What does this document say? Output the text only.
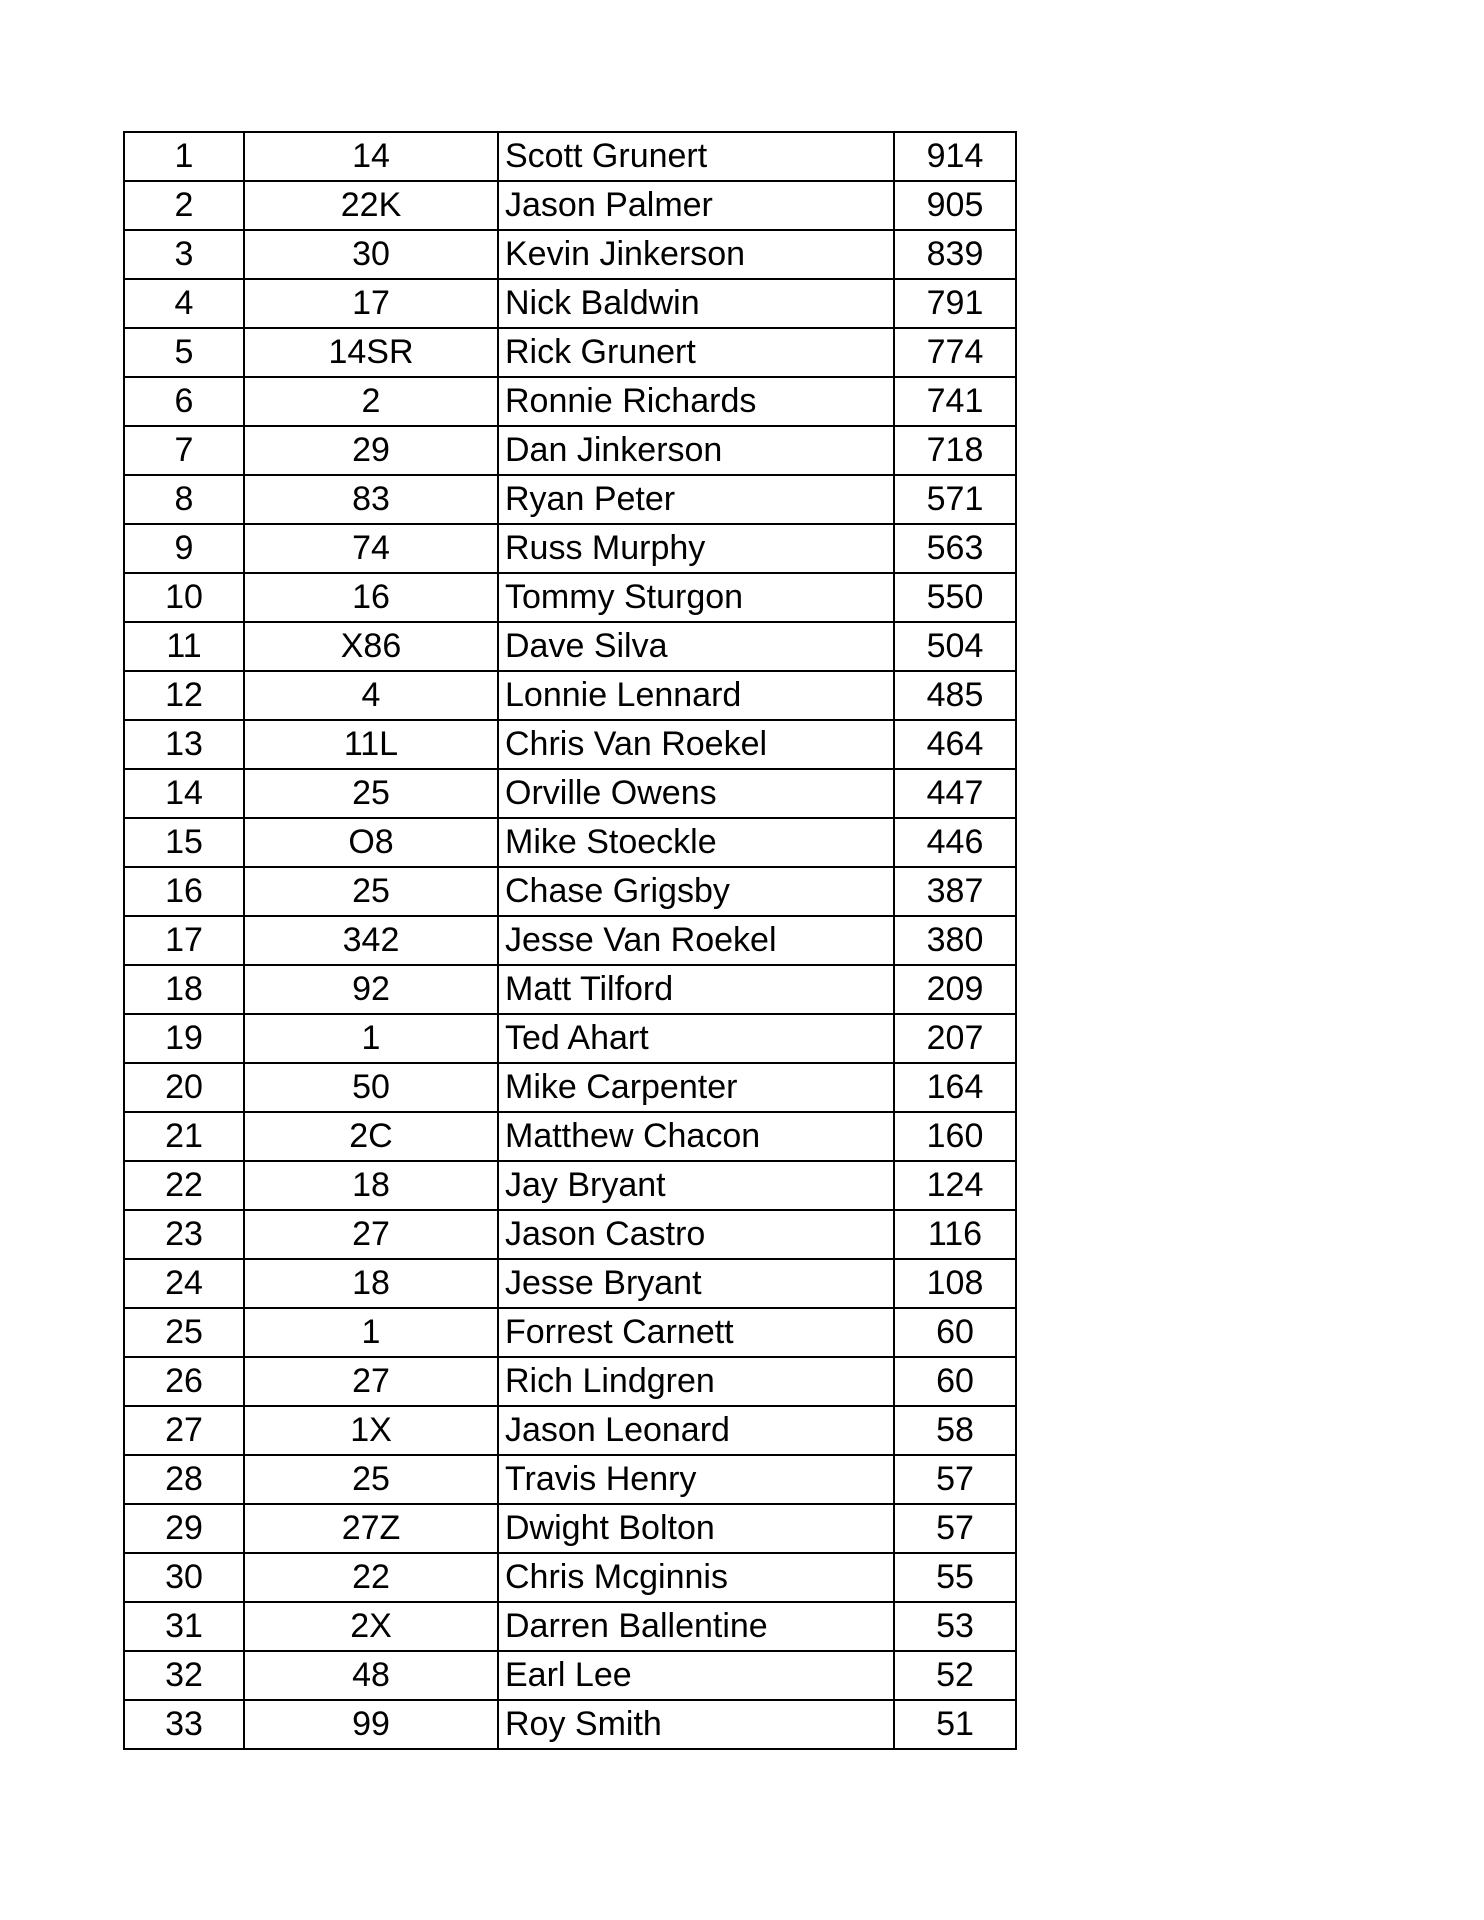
1	14	Scott Grunert	914
2	22K	Jason Palmer	905
3	30	Kevin Jinkerson	839
4	17	Nick Baldwin	791
5	14SR	Rick Grunert	774
6	2	Ronnie Richards	741
7	29	Dan Jinkerson	718
8	83	Ryan Peter	571
9	74	Russ Murphy	563
10	16	Tommy Sturgon	550
11	X86	Dave Silva	504
12	4	Lonnie Lennard	485
13	11L	Chris Van Roekel	464
14	25	Orville Owens	447
15	O8	Mike Stoeckle	446
16	25	Chase Grigsby	387
17	342	Jesse Van Roekel	380
18	92	Matt Tilford	209
19	1	Ted Ahart	207
20	50	Mike Carpenter	164
21	2C	Matthew Chacon	160
22	18	Jay Bryant	124
23	27	Jason Castro	116
24	18	Jesse Bryant	108
25	1	Forrest Carnett	60
26	27	Rich Lindgren	60
27	1X	Jason Leonard	58
28	25	Travis Henry	57
29	27Z	Dwight Bolton	57
30	22	Chris Mcginnis	55
31	2X	Darren Ballentine	53
32	48	Earl Lee	52
33	99	Roy Smith	51
